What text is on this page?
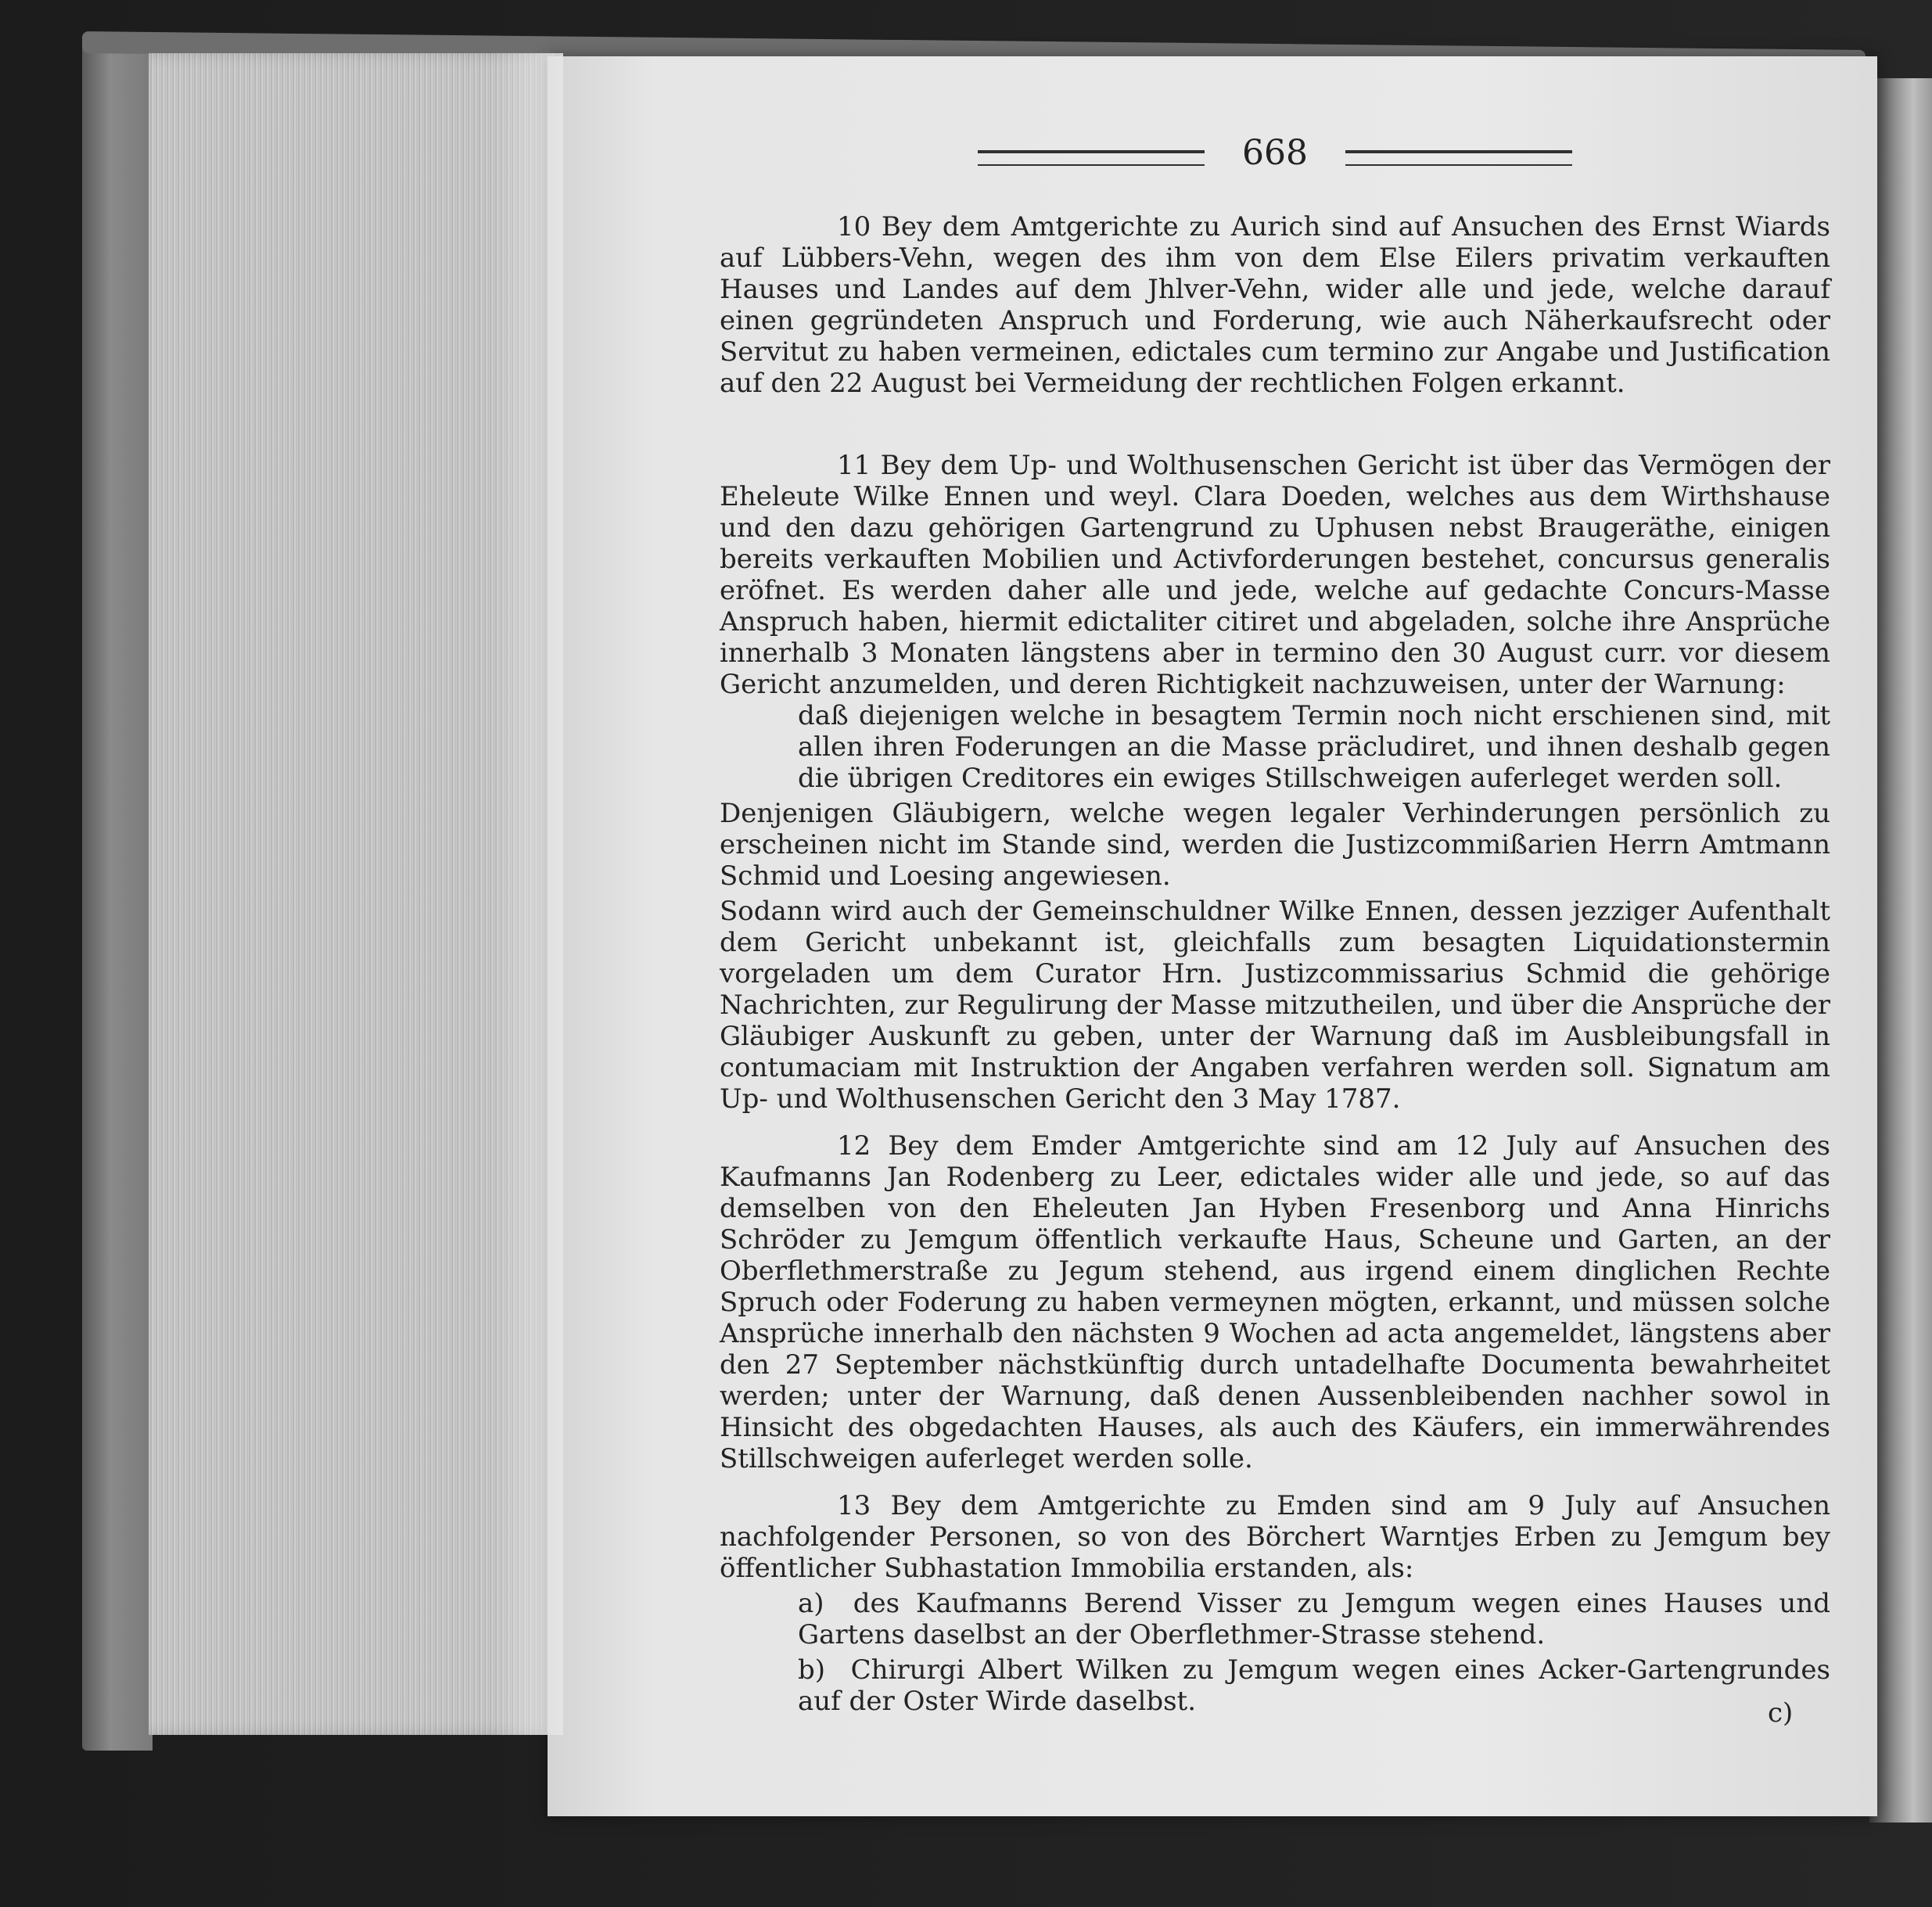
668

10 Bey dem Amtgerichte zu Aurich sind auf Ansuchen des Ernst Wiards auf Lübbers-Vehn, wegen des ihm von dem Else Eilers privatim verkauften Hauses und Landes auf dem Jhlver-Vehn, wider alle und jede, welche darauf einen gegründeten Anspruch und Forderung, wie auch Näherkaufsrecht oder Servitut zu haben vermeinen, edictales cum termino zur Angabe und Justification auf den 22 August bei Vermeidung der rechtlichen Folgen erkannt.

11 Bey dem Up- und Wolthusenschen Gericht ist über das Vermögen der Eheleute Wilke Ennen und weyl. Clara Doeden, welches aus dem Wirthshause und den dazu gehörigen Gartengrund zu Uphusen nebst Braugeräthe, einigen bereits verkauften Mobilien und Activforderungen bestehet, concursus generalis eröfnet. Es werden daher alle und jede, welche auf gedachte Concurs-Masse Anspruch haben, hiermit edictaliter citiret und abgeladen, solche ihre Ansprüche innerhalb 3 Monaten längstens aber in termino den 30 August curr. vor diesem Gericht anzumelden, und deren Richtigkeit nachzuweisen, unter der Warnung:

daß diejenigen welche in besagtem Termin noch nicht erschienen sind, mit allen ihren Foderungen an die Masse präcludiret, und ihnen deshalb gegen die übrigen Creditores ein ewiges Stillschweigen auferleget werden soll.

Denjenigen Gläubigern, welche wegen legaler Verhinderungen persönlich zu erscheinen nicht im Stande sind, werden die Justizcommißarien Herrn Amtmann Schmid und Loesing angewiesen.

Sodann wird auch der Gemeinschuldner Wilke Ennen, dessen jezziger Aufenthalt dem Gericht unbekannt ist, gleichfalls zum besagten Liquidationstermin vorgeladen um dem Curator Hrn. Justizcommissarius Schmid die gehörige Nachrichten, zur Regulirung der Masse mitzutheilen, und über die Ansprüche der Gläubiger Auskunft zu geben, unter der Warnung daß im Ausbleibungsfall in contumaciam mit Instruktion der Angaben verfahren werden soll. Signatum am Up- und Wolthusenschen Gericht den 3 May 1787.

12 Bey dem Emder Amtgerichte sind am 12 July auf Ansuchen des Kaufmanns Jan Rodenberg zu Leer, edictales wider alle und jede, so auf das demselben von den Eheleuten Jan Hyben Fresenborg und Anna Hinrichs Schröder zu Jemgum öffentlich verkaufte Haus, Scheune und Garten, an der Oberflethmerstraße zu Jegum stehend, aus irgend einem dinglichen Rechte Spruch oder Foderung zu haben vermeynen mögten, erkannt, und müssen solche Ansprüche innerhalb den nächsten 9 Wochen ad acta angemeldet, längstens aber den 27 September nächstkünftig durch untadelhafte Documenta bewahrheitet werden; unter der Warnung, daß denen Aussenbleibenden nachher sowol in Hinsicht des obgedachten Hauses, als auch des Käufers, ein immerwährendes Stillschweigen auferleget werden solle.

13 Bey dem Amtgerichte zu Emden sind am 9 July auf Ansuchen nachfolgender Personen, so von des Börchert Warntjes Erben zu Jemgum bey öffentlicher Subhastation Immobilia erstanden, als:

a) des Kaufmanns Berend Visser zu Jemgum wegen eines Hauses und Gartens daselbst an der Oberflethmer-Strasse stehend.
b) Chirurgi Albert Wilken zu Jemgum wegen eines Acker-Gartengrundes auf der Oster Wirde daselbst.	c)
